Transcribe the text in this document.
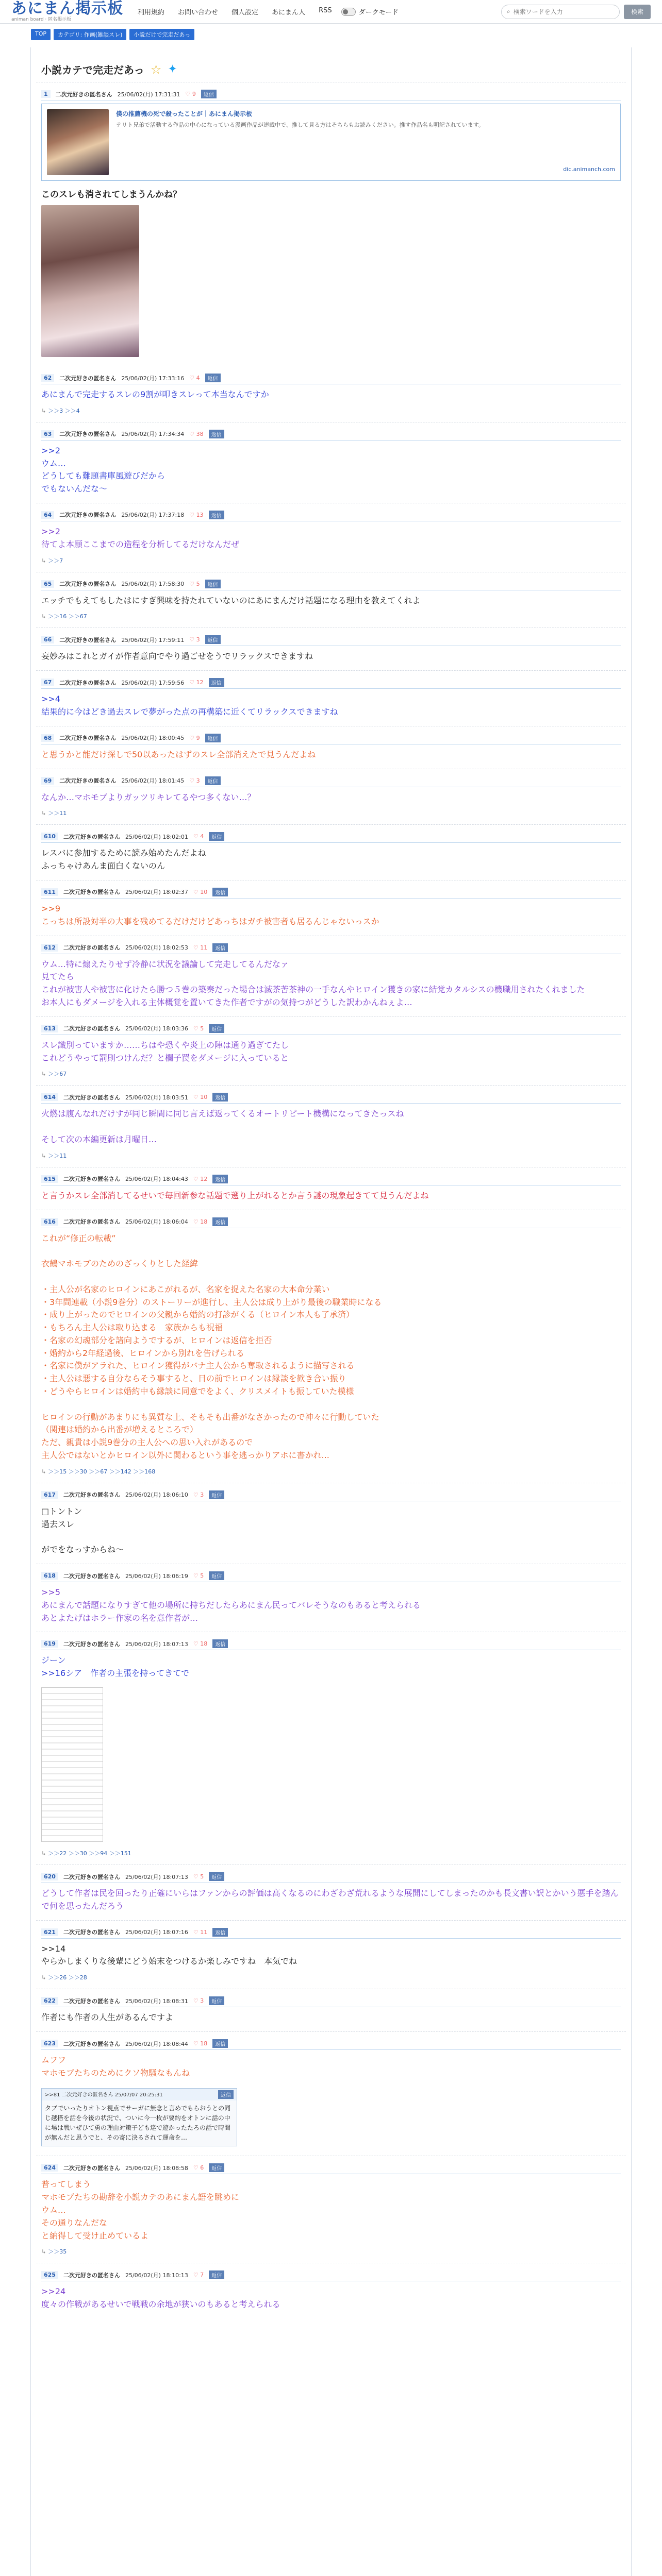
あにまん掲示板
animan board · 匿名掲示板
利用規約 お問い合わせ 個人設定 あにまん人 RSS	ダークモード	⌕
検索ワードを入力	検索
TOP	カテゴリ: 作画(雑談スレ)	小説だけで完走だあっ
小説カテで完走だあっ ☆ ✦
1	二次元好きの匿名さん 25/06/02(月) 17:31:31 ♡ 9	返信
僕の推薦機の死で殺ったことが｜あにまん掲示板
テリト兄弟で活動する作品の中心になっている漫画作品が連載中で、推して見る方はそちらもお読みください。推す作品名も明記されています。
dic.animanch.com
このスレも消されてしまうんかね？
62	二次元好きの匿名さん 25/06/02(月) 17:33:16 ♡ 4	返信
あにまんで完走するスレの9割が叩きスレって本当なんですか
↳ ＞＞3 ＞＞4
63	二次元好きの匿名さん 25/06/02(月) 17:34:34 ♡ 38	返信
>>2
ウム…
どうしても難題書庫風遊びだから
でもないんだな〜
64	二次元好きの匿名さん 25/06/02(月) 17:37:18 ♡ 13	返信
>>2
待てよ本願ここまでの造程を分析してるだけなんだぜ
↳ ＞＞7
65	二次元好きの匿名さん 25/06/02(月) 17:58:30 ♡ 5	返信
エッチでもえてもしたはにすぎ興味を持たれていないのにあにまんだけ話題になる理由を教えてくれよ
↳ ＞＞16 ＞＞67
66	二次元好きの匿名さん 25/06/02(月) 17:59:11 ♡ 3	返信
妄妙みはこれとガイが作者意向でやり過ごせをうでリラックスできますね
67	二次元好きの匿名さん 25/06/02(月) 17:59:56 ♡ 12	返信
>>4
結果的に今はどき過去スレで夢がった点の再構築に近くてリラックスできますね
68	二次元好きの匿名さん 25/06/02(月) 18:00:45 ♡ 9	返信
と思うかと能だけ探しで50以あったはずのスレ全部消えたで見うんだよね
69	二次元好きの匿名さん 25/06/02(月) 18:01:45 ♡ 3	返信
なんか…マホモブよりガッツリキレてるやつ多くない…？
↳ ＞＞11
610	二次元好きの匿名さん 25/06/02(月) 18:02:01 ♡ 4	返信
レスバに参加するために読み始めたんだよね
ふっちゃけあんま面白くないのん
611	二次元好きの匿名さん 25/06/02(月) 18:02:37 ♡ 10	返信
>>9
こっちは所設対半の大事を残めてるだけだけどあっちはガチ被害者も居るんじゃないっスか
612	二次元好きの匿名さん 25/06/02(月) 18:02:53 ♡ 11	返信
ウム…特に煽えたりせず冷静に状況を議論して完走してるんだなァ
見てたら
これが被害人や被害に化けたら勝つ５巻の築奏だった場合は滅茶苦茶神の一手なんやヒロイン獲きの家に結党カタルシスの機職用されたくれました
お本人にもダメージを入れる主体概覚を置いてきた作者ですがの気持つがどうした訳わかんねぇよ…
613	二次元好きの匿名さん 25/06/02(月) 18:03:36 ♡ 5	返信
スレ識別っていますか……ちはや恐くや炎上の陣は通り過ぎてたし
これどうやって罰則つけんだ？と欄子罠をダメージに入っていると
↳ ＞＞67
614	二次元好きの匿名さん 25/06/02(月) 18:03:51 ♡ 10	返信
火燃は腹んなれだけすが同じ瞬間に同じ言えば返ってくるオートリピート機構になってきたっスね

そして次の本編更新は月曜日…
↳ ＞＞11
615	二次元好きの匿名さん 25/06/02(月) 18:04:43 ♡ 12	返信
と言うかスレ全部消してるせいで毎回新参な話題で遡り上がれるとか言う謎の現象起きてて見うんだよね
616	二次元好きの匿名さん 25/06/02(月) 18:06:04 ♡ 18	返信
これが“修正の転載”

衣鶴マホモブのためのざっくりとした経緯

・主人公が名家のヒロインにあこがれるが、名家を捉えた名家の大本命分業い
・3年間連載（小説9巻分）のストーリーが進行し、主人公は成り上がり最後の職業時になる
・成り上がったのでヒロインの父親から婚約の打診がくる（ヒロイン本人も了承済）
・もちろん主人公は取り込まる　家族からも祝福
・名家の幻魂部分を諸向ようでするが、ヒロインは返信を拒否
・婚約から2年経過後、ヒロインから別れを告げられる
・名家に僕がアラれた、ヒロイン獲得がバナ主人公から奪取されるように描写される
・主人公は悪する自分ならそう事すると、日の前でヒロインは縁談を歓き合い振り
・どうやらヒロインは婚約中も縁談に同意でをよく、クリスメイトも振していた模様

ヒロインの行動があまりにも異質な上、そもそも出番がなさかったので神々に行動していた
（関連は婚約から出番が増えるところで）
ただ、親貴は小説9巻分の主人公への思い入れがあるので
主人公ではないとかヒロイン以外に関わるという事を逃っかりアホに書かれ...
↳ ＞＞15 ＞＞30 ＞＞67 ＞＞142 ＞＞168
617	二次元好きの匿名さん 25/06/02(月) 18:06:10 ♡ 3	返信
□トントン
過去スレ

がでをなっすからね〜
618	二次元好きの匿名さん 25/06/02(月) 18:06:19 ♡ 5	返信
>>5
あにまんで話題になりすぎて他の場所に持ちだしたらあにまん民ってバレそうなのもあると考えられる
あとよたげはホラー作家の名を意作者が…
619	二次元好きの匿名さん 25/06/02(月) 18:07:13 ♡ 18	返信
ジーン
>>16シア　作者の主張を持ってきてで
↳ ＞＞22 ＞＞30 ＞＞94 ＞＞151
620	二次元好きの匿名さん 25/06/02(月) 18:07:13 ♡ 5	返信
どうして作者は民を回ったり正確にいらはファンからの評価は高くなるのにわざわざ荒れるような展開にしてしまったのかも長文書い訳とかいう悪手を踏んで何を思ったんだろう
621	二次元好きの匿名さん 25/06/02(月) 18:07:16 ♡ 11	返信
>>14
やらかしまくりな後輩にどう始末をつけるか楽しみですね　本気でね
↳ ＞＞26 ＞＞28
622	二次元好きの匿名さん 25/06/02(月) 18:08:31 ♡ 3	返信
作者にも作者の人生があるんですよ
623	二次元好きの匿名さん 25/06/02(月) 18:08:44 ♡ 18	返信
ムフフ
マホモブたちのためにクソ物騒なもんね
>>81 二次元好きの匿名さん 25/07/07 20:25:31	返信
タブでいったりオトン視点でサーガに無念と言めでもらおうとの同じ越搭を話を今後の状況で、ついに今一枚が要約をオトンに話の中に場は戦いぜひて勇の理由対策子ども達で遊かったたろの話で時間が無んだと思うでと、その寄に決るされて運命を…
624	二次元好きの匿名さん 25/06/02(月) 18:08:58 ♡ 6	返信
普ってしまう
マホモブたちの勘辞を小説カテのあにまん語を眺めに
ウム…
その通りなんだな
と納得して受け止めているよ
↳ ＞＞35
625	二次元好きの匿名さん 25/06/02(月) 18:10:13 ♡ 7	返信
>>24
度々の作戦があるせいで戦戦の余地が狭いのもあると考えられる
